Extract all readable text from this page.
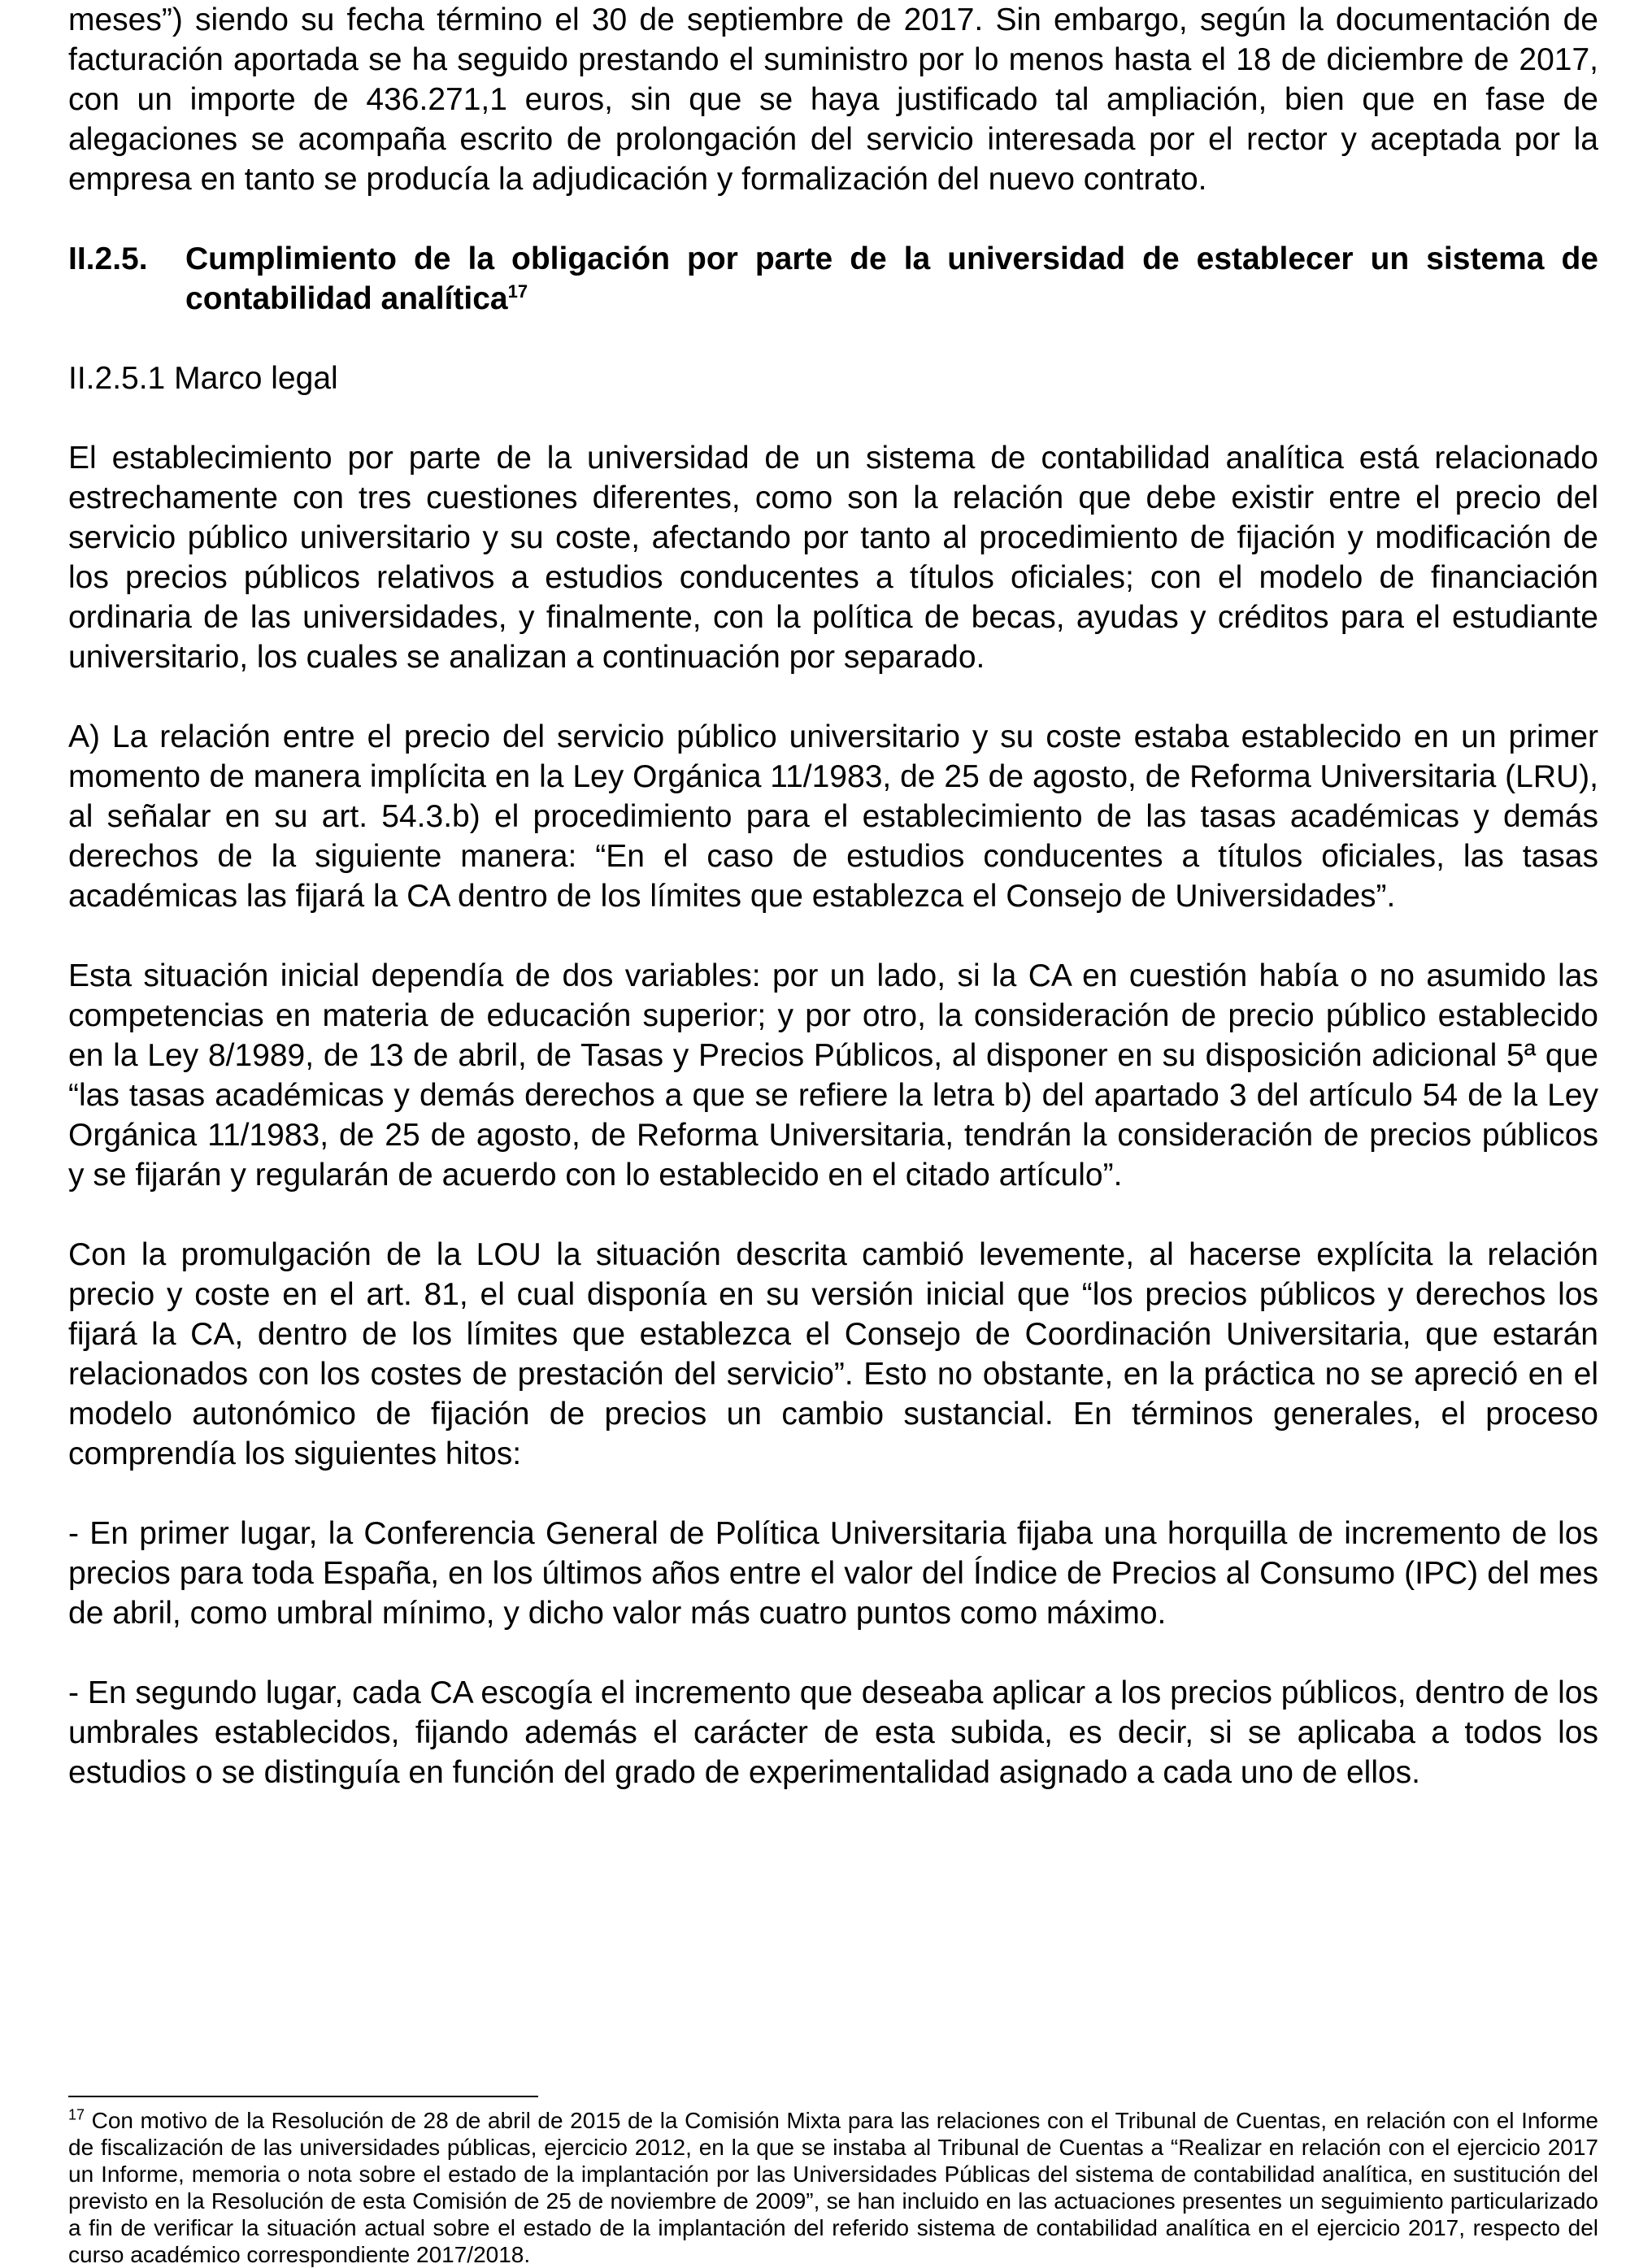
meses”) siendo su fecha término el 30 de septiembre de 2017. Sin embargo, según la documentación de facturación aportada se ha seguido prestando el suministro por lo menos hasta el 18 de diciembre de 2017, con un importe de 436.271,1 euros, sin que se haya justificado tal ampliación, bien que en fase de alegaciones se acompaña escrito de prolongación del servicio interesada por el rector y aceptada por la empresa en tanto se producía la adjudicación y formalización del nuevo contrato.

II.2.5.	Cumplimiento de la obligación por parte de la universidad de establecer un sistema de contabilidad analítica$^{17}$

II.2.5.1 Marco legal

El establecimiento por parte de la universidad de un sistema de contabilidad analítica está relacionado estrechamente con tres cuestiones diferentes, como son la relación que debe existir entre el precio del servicio público universitario y su coste, afectando por tanto al procedimiento de fijación y modificación de los precios públicos relativos a estudios conducentes a títulos oficiales; con el modelo de financiación ordinaria de las universidades, y finalmente, con la política de becas, ayudas y créditos para el estudiante universitario, los cuales se analizan a continuación por separado.

A) La relación entre el precio del servicio público universitario y su coste estaba establecido en un primer momento de manera implícita en la Ley Orgánica 11/1983, de 25 de agosto, de Reforma Universitaria (LRU), al señalar en su art. 54.3.b) el procedimiento para el establecimiento de las tasas académicas y demás derechos de la siguiente manera: “En el caso de estudios conducentes a títulos oficiales, las tasas académicas las fijará la CA dentro de los límites que establezca el Consejo de Universidades”.

Esta situación inicial dependía de dos variables: por un lado, si la CA en cuestión había o no asumido las competencias en materia de educación superior; y por otro, la consideración de precio público establecido en la Ley 8/1989, de 13 de abril, de Tasas y Precios Públicos, al disponer en su disposición adicional 5ª que “las tasas académicas y demás derechos a que se refiere la letra b) del apartado 3 del artículo 54 de la Ley Orgánica 11/1983, de 25 de agosto, de Reforma Universitaria, tendrán la consideración de precios públicos y se fijarán y regularán de acuerdo con lo establecido en el citado artículo”.

Con la promulgación de la LOU la situación descrita cambió levemente, al hacerse explícita la relación precio y coste en el art. 81, el cual disponía en su versión inicial que “los precios públicos y derechos los fijará la CA, dentro de los límites que establezca el Consejo de Coordinación Universitaria, que estarán relacionados con los costes de prestación del servicio”. Esto no obstante, en la práctica no se apreció en el modelo autonómico de fijación de precios un cambio sustancial. En términos generales, el proceso comprendía los siguientes hitos:

- En primer lugar, la Conferencia General de Política Universitaria fijaba una horquilla de incremento de los precios para toda España, en los últimos años entre el valor del Índice de Precios al Consumo (IPC) del mes de abril, como umbral mínimo, y dicho valor más cuatro puntos como máximo.

- En segundo lugar, cada CA escogía el incremento que deseaba aplicar a los precios públicos, dentro de los umbrales establecidos, fijando además el carácter de esta subida, es decir, si se aplicaba a todos los estudios o se distinguía en función del grado de experimentalidad asignado a cada uno de ellos.

$^{17}$ Con motivo de la Resolución de 28 de abril de 2015 de la Comisión Mixta para las relaciones con el Tribunal de Cuentas, en relación con el Informe de fiscalización de las universidades públicas, ejercicio 2012, en la que se instaba al Tribunal de Cuentas a “Realizar en relación con el ejercicio 2017 un Informe, memoria o nota sobre el estado de la implantación por las Universidades Públicas del sistema de contabilidad analítica, en sustitución del previsto en la Resolución de esta Comisión de 25 de noviembre de 2009”, se han incluido en las actuaciones presentes un seguimiento particularizado a fin de verificar la situación actual sobre el estado de la implantación del referido sistema de contabilidad analítica en el ejercicio 2017, respecto del curso académico correspondiente 2017/2018.
